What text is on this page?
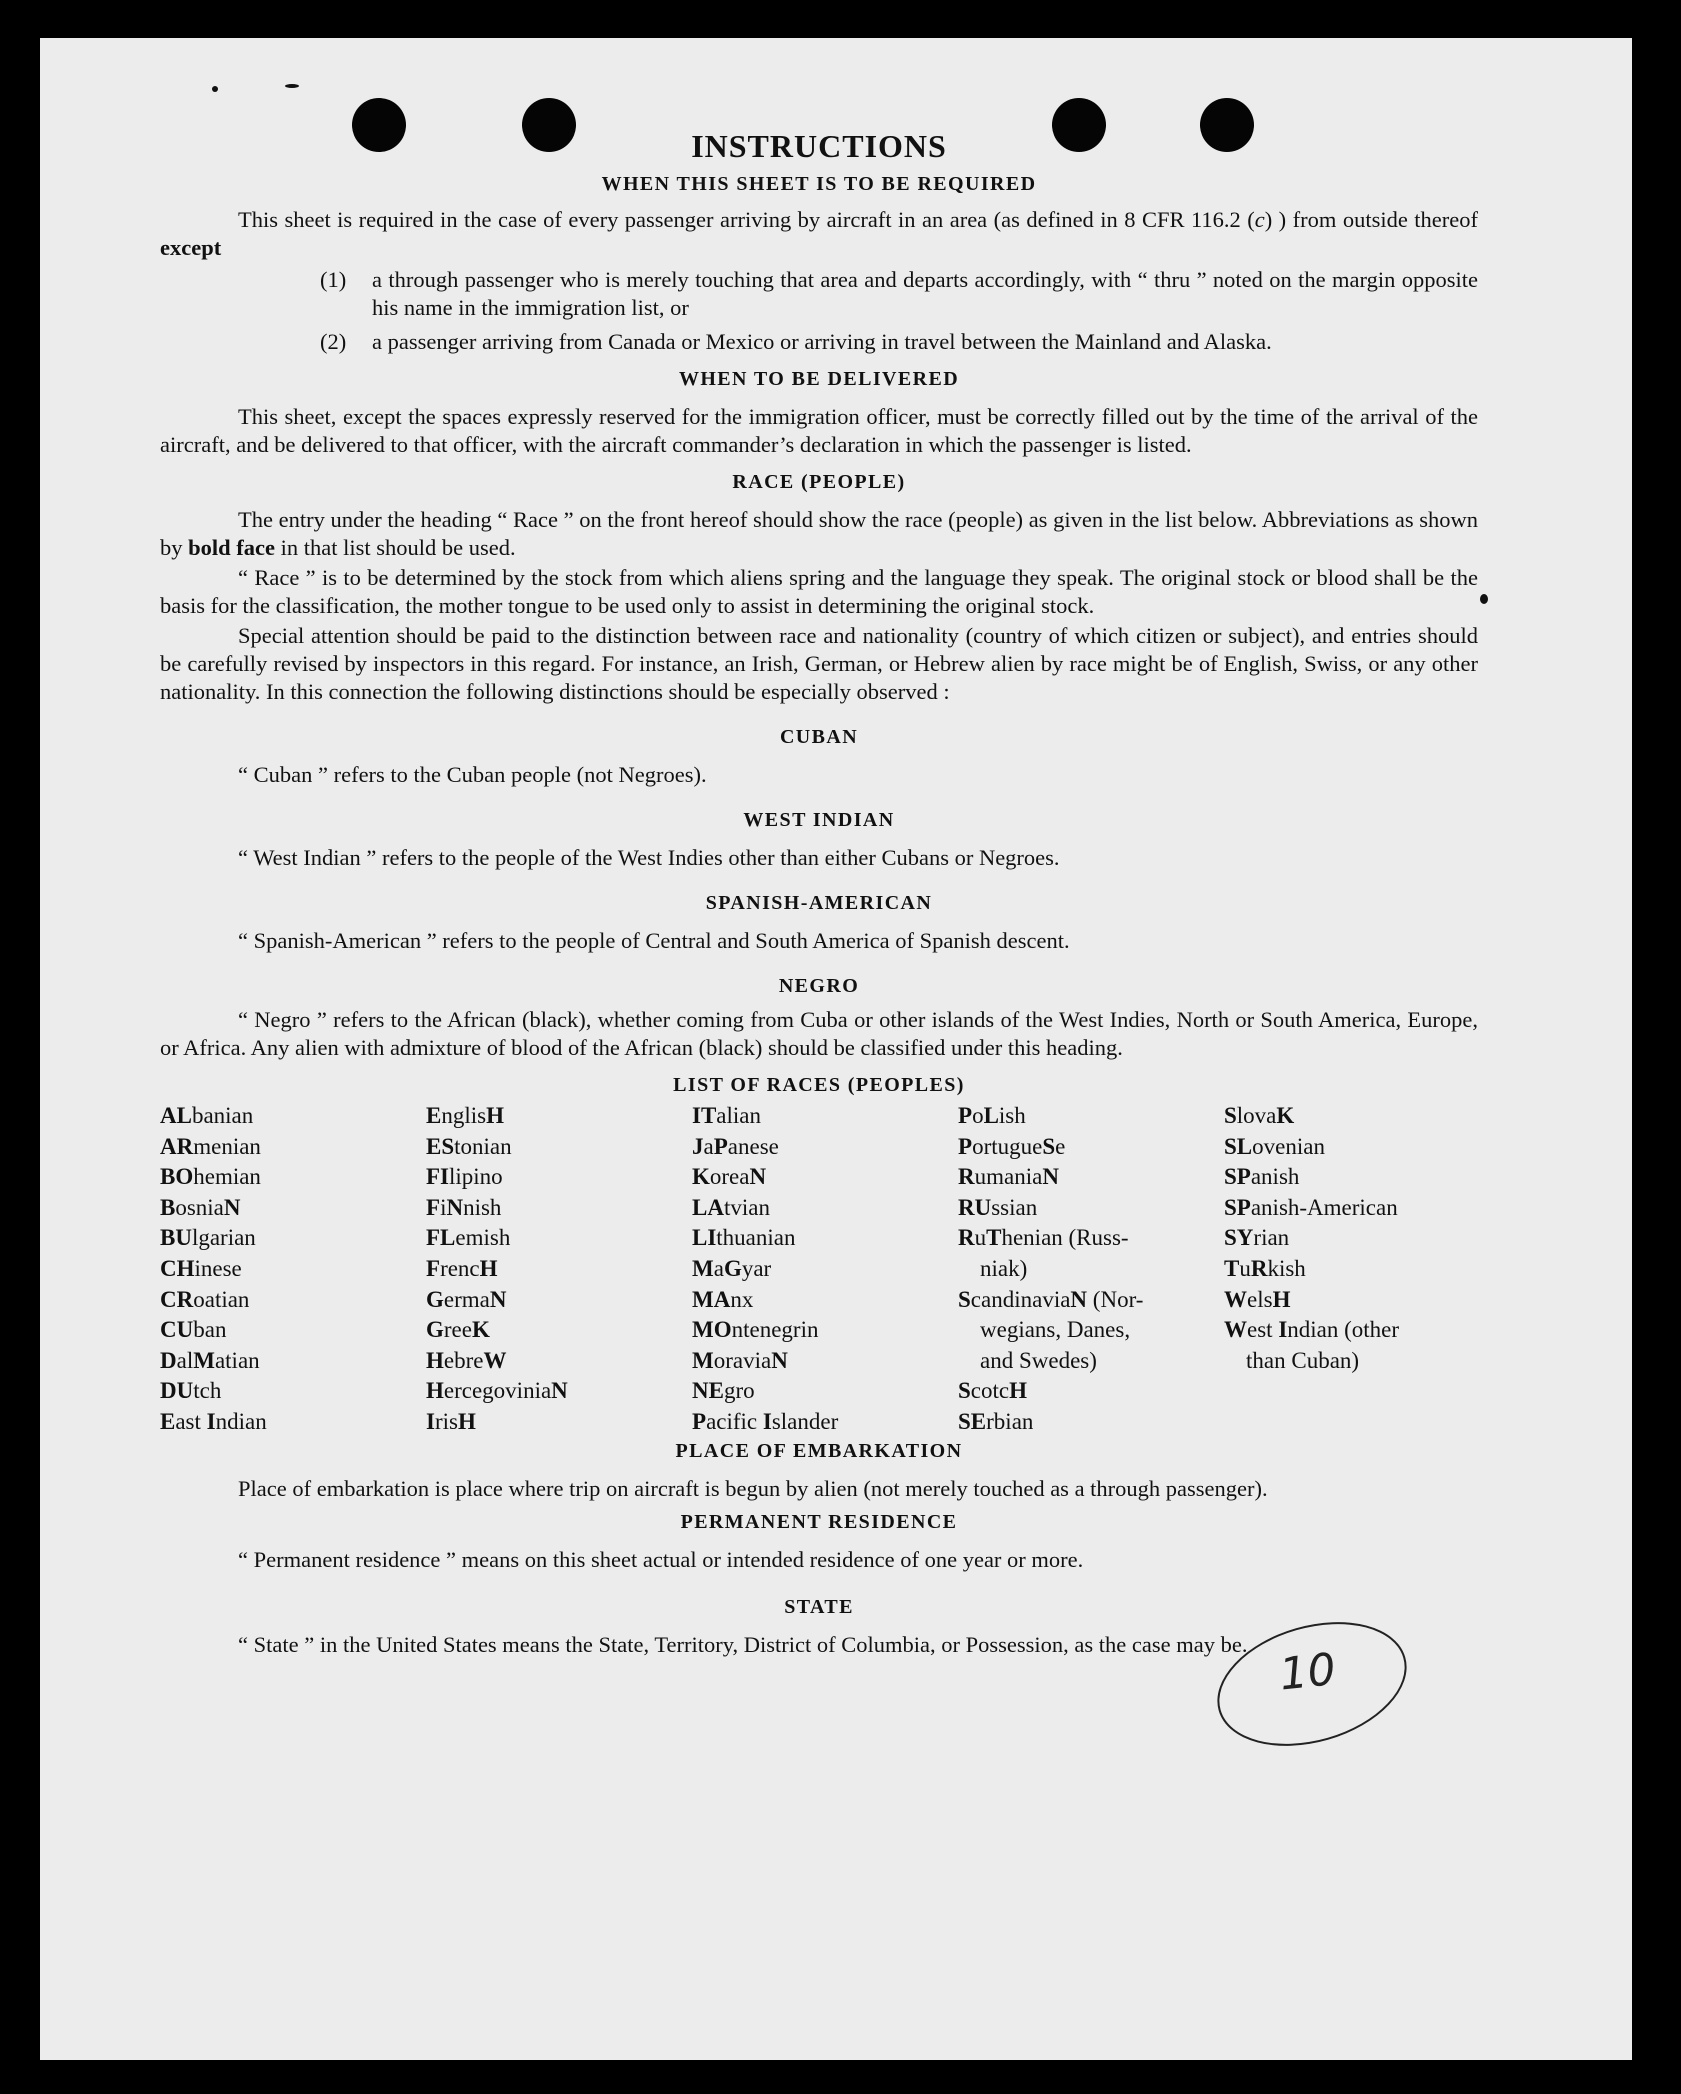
10
INSTRUCTIONS
WHEN THIS SHEET IS TO BE REQUIRED

This sheet is required in the case of every passenger arriving by aircraft in an area (as defined in 8 CFR 116.2 (c) ) from outside thereof except

(1)	a through passenger who is merely touching that area and departs accordingly, with “ thru ” noted on the margin opposite his name in the immigration list, or
(2)	a passenger arriving from Canada or Mexico or arriving in travel between the Mainland and Alaska.
WHEN TO BE DELIVERED

This sheet, except the spaces expressly reserved for the immigration officer, must be correctly filled out by the time of the arrival of the aircraft, and be delivered to that officer, with the aircraft commander’s declaration in which the passenger is listed.

RACE (PEOPLE)

The entry under the heading “ Race ” on the front hereof should show the race (people) as given in the list below. Abbreviations as shown by bold face in that list should be used.

“ Race ” is to be determined by the stock from which aliens spring and the language they speak. The original stock or blood shall be the basis for the classification, the mother tongue to be used only to assist in determining the original stock.

Special attention should be paid to the distinction between race and nationality (country of which citizen or subject), and entries should be carefully revised by inspectors in this regard. For instance, an Irish, German, or Hebrew alien by race might be of English, Swiss, or any other nationality. In this connection the following distinctions should be especially observed :

CUBAN

“ Cuban ” refers to the Cuban people (not Negroes).

WEST INDIAN

“ West Indian ” refers to the people of the West Indies other than either Cubans or Negroes.

SPANISH-AMERICAN

“ Spanish-American ” refers to the people of Central and South America of Spanish descent.

NEGRO

“ Negro ” refers to the African (black), whether coming from Cuba or other islands of the West Indies, North or South America, Europe, or Africa. Any alien with admixture of blood of the African (black) should be classified under this heading.

LIST OF RACES (PEOPLES)
ALbanian
ARmenian
BOhemian
BosniaN
BUlgarian
CHinese
CRoatian
CUban
DalMatian
DUtch
East Indian
EnglisH
EStonian
FIlipino
FiNnish
FLemish
FrencH
GermaN
GreeK
HebreW
HercegoviniaN
IrisH
ITalian
JaPanese
KoreaN
LAtvian
LIthuanian
MaGyar
MAnx
MOntenegrin
MoraviaN
NEgro
Pacific Islander
PoLish
PortugueSe
RumaniaN
RUssian
RuThenian (Russ-
niak)
ScandinaviaN (Nor-
wegians, Danes,
and Swedes)
ScotcH
SErbian
SlovaK
SLovenian
SPanish
SPanish-American
SYrian
TuRkish
WelsH
West Indian (other
than Cuban)
PLACE OF EMBARKATION

Place of embarkation is place where trip on aircraft is begun by alien (not merely touched as a through passenger).

PERMANENT RESIDENCE

“ Permanent residence ” means on this sheet actual or intended residence of one year or more.

STATE

“ State ” in the United States means the State, Territory, District of Columbia, or Possession, as the case may be.
